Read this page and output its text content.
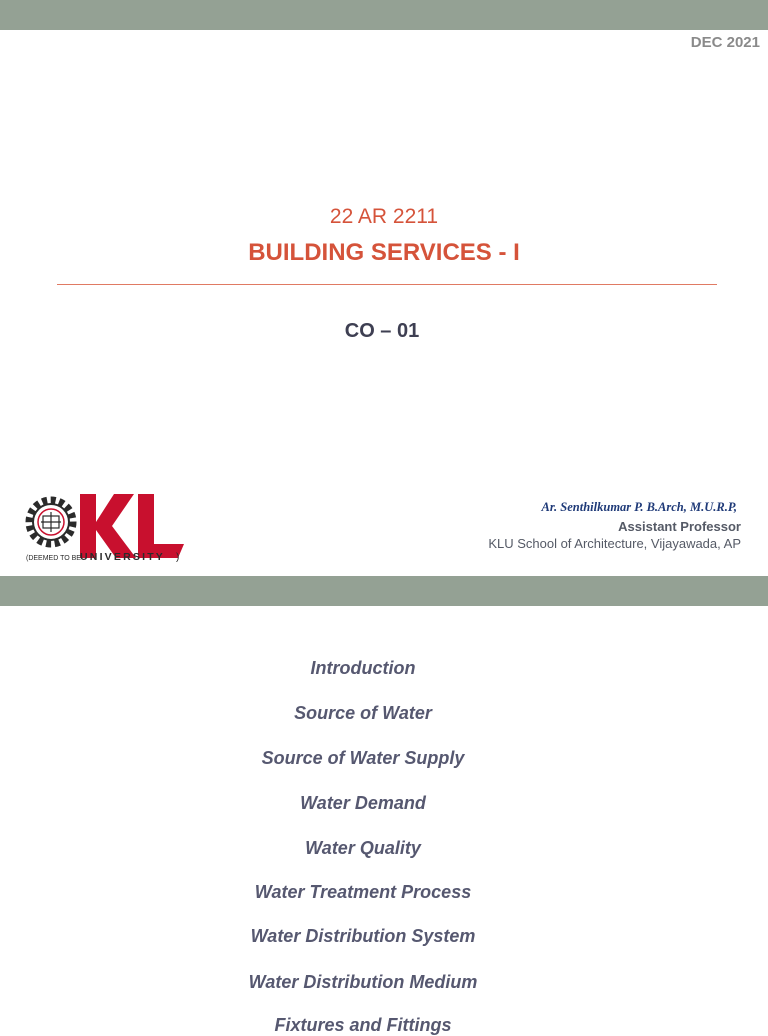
DEC 2021
22 AR 2211
BUILDING SERVICES - I
CO – 01
(DEEMED TO BE UNIVERSITY )
Ar. Senthilkumar P. B.Arch, M.U.R.P,
Assistant Professor
KLU School of Architecture, Vijayawada, AP
Introduction
Source of Water
Source of Water Supply
Water Demand
Water Quality
Water Treatment Process
Water Distribution System
Water Distribution Medium
Fixtures and Fittings
